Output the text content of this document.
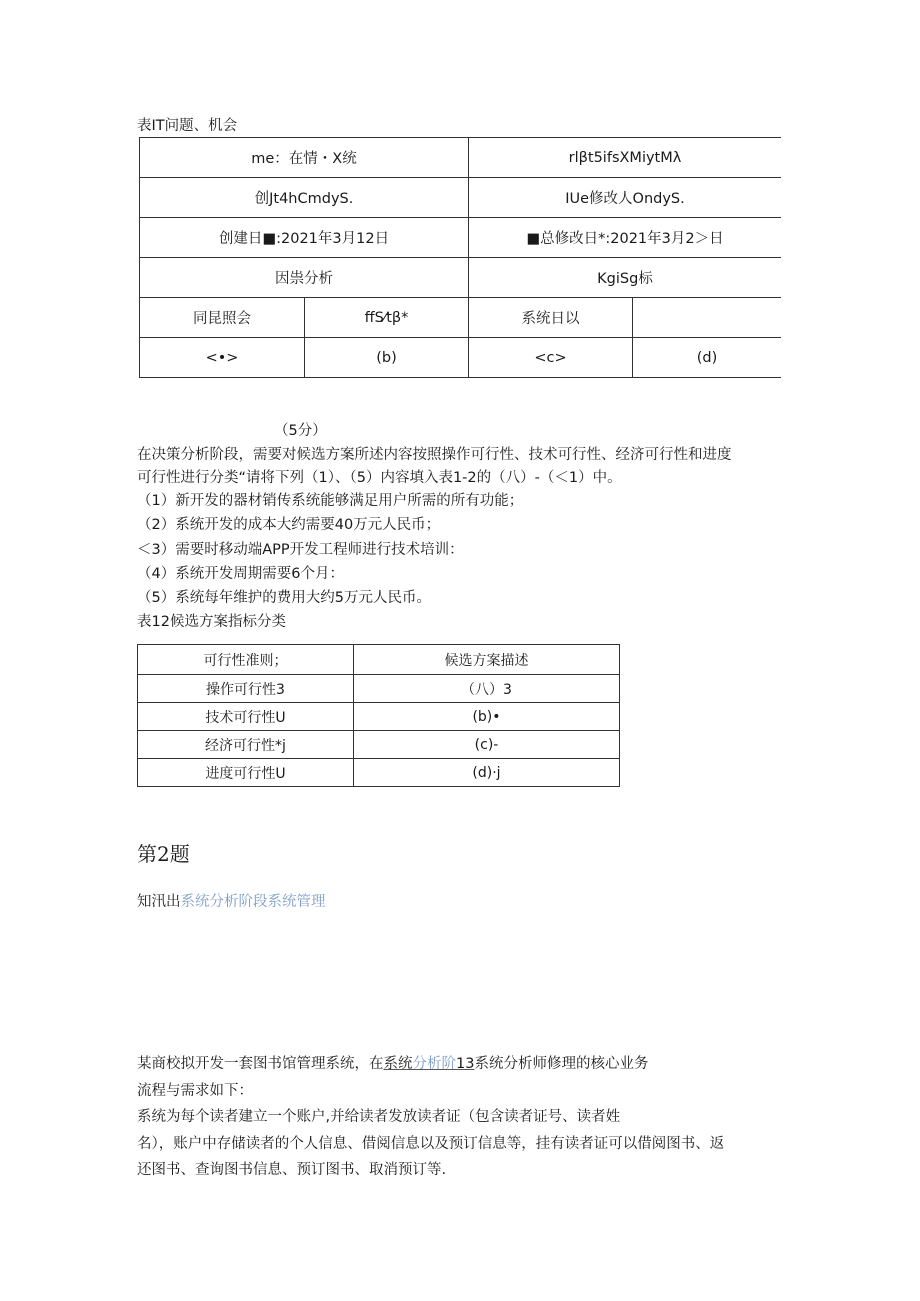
表IT问题、机会
me：在情・X统		rlβt5ifsXMiytMλ	
创Jt4hCmdyS.		IUe修改人OndyS.	
创建日■:2021年3月12日		■总修改日*:2021年3月2＞日	
因祟分析		KgiSg标	
同昆照会	ffS⁄tβ*	系统日以	
<•>	(b)	<c>	(d)
（5分）
在决策分析阶段，需要对候选方案所述内容按照操作可行性、技术可行性、经济可行性和进度
可行性进行分类“请将下列（1）、（5）内容填入表1-2的（八）-（＜1）中。
（1）新开发的器材销传系统能够满足用户所需的所有功能；
（2）系统开发的成本大约需要40万元人民币；
＜3）需要时移动端APP开发工程师进行技术培训：
（4）系统开发周期需要6个月：
（5）系统每年维护的费用大约5万元人民币。
表12候选方案指标分类
可行性准则；	候选方案描述
操作可行性3	（八）3
技术可行性U	(b)•
经济可行性*j	(c)-
进度可行性U	(d)·j
第2题
知汛出系统分析阶段系统管理
某商校拟开发一套图书馆管理系统，在系统分析阶13系统分析师修理的核心业务
流程与需求如下：
系统为每个读者建立一个账户,并给读者发放读者证（包含读者证号、读者姓
名），账户中存储读者的个人信息、借阅信息以及预订信息等，挂有读者证可以借阅图书、返
还图书、查询图书信息、预订图书、取消预订等.
